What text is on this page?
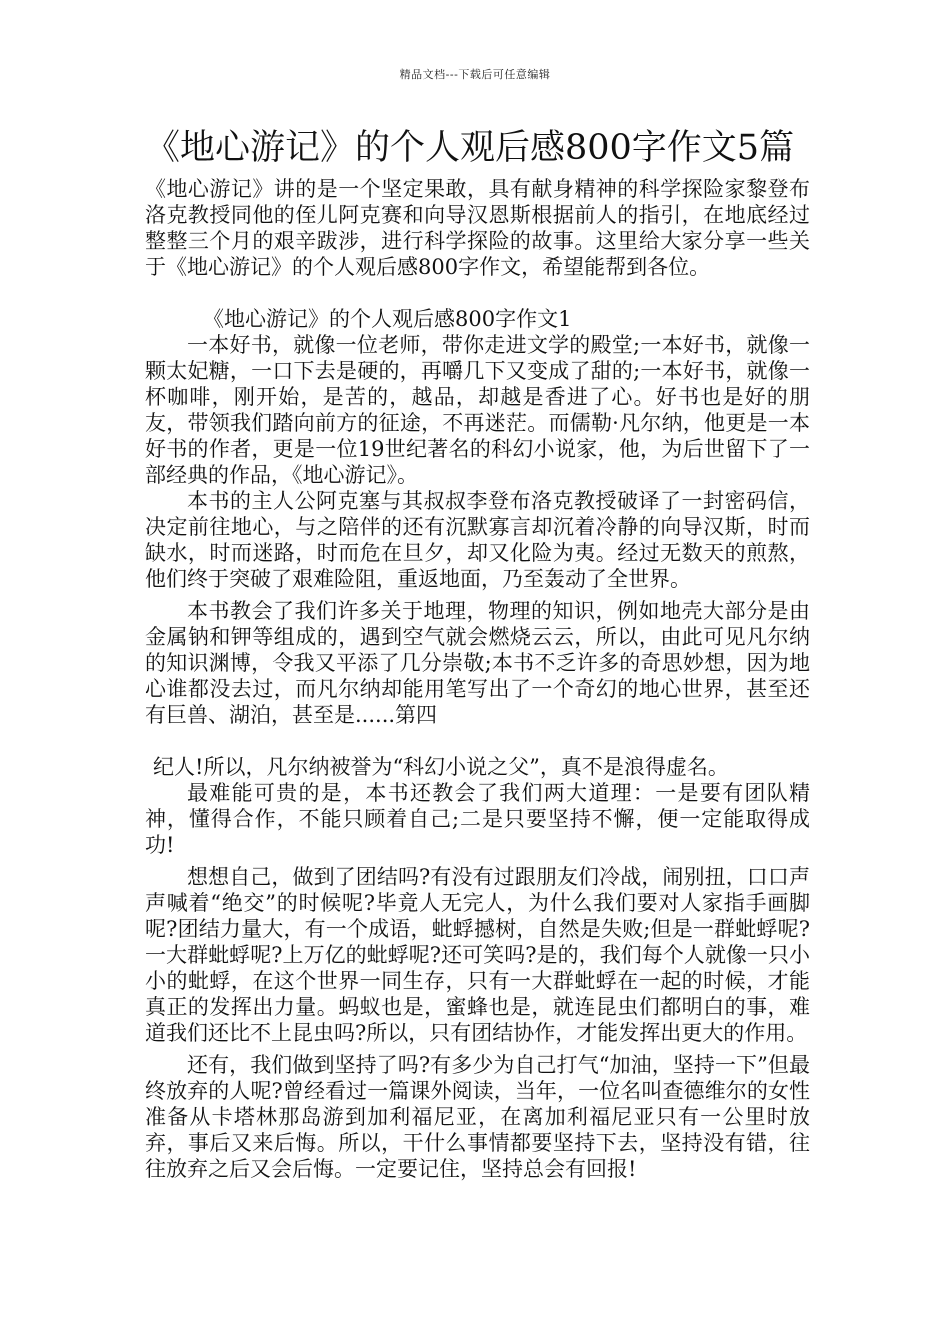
精品文档---下载后可任意编辑
《地心游记》的个人观后感800字作文5篇

《地心游记》讲的是一个坚定果敢，具有献身精神的科学探险家黎登布洛克教授同他的侄儿阿克赛和向导汉恩斯根据前人的指引，在地底经过整整三个月的艰辛跋涉，进行科学探险的故事。这里给大家分享一些关于《地心游记》的个人观后感800字作文，希望能帮到各位。

《地心游记》的个人观后感800字作文1

一本好书，就像一位老师，带你走进文学的殿堂;一本好书，就像一颗太妃糖，一口下去是硬的，再嚼几下又变成了甜的;一本好书，就像一杯咖啡，刚开始，是苦的，越品，却越是香进了心。好书也是好的朋友，带领我们踏向前方的征途，不再迷茫。而儒勒·凡尔纳，他更是一本好书的作者，更是一位19世纪著名的科幻小说家，他，为后世留下了一部经典的作品，《地心游记》。

本书的主人公阿克塞与其叔叔李登布洛克教授破译了一封密码信，决定前往地心，与之陪伴的还有沉默寡言却沉着冷静的向导汉斯，时而缺水，时而迷路，时而危在旦夕，却又化险为夷。经过无数天的煎熬，他们终于突破了艰难险阻，重返地面，乃至轰动了全世界。

本书教会了我们许多关于地理，物理的知识，例如地壳大部分是由金属钠和钾等组成的，遇到空气就会燃烧云云，所以，由此可见凡尔纳的知识渊博，令我又平添了几分崇敬;本书不乏许多的奇思妙想，因为地心谁都没去过，而凡尔纳却能用笔写出了一个奇幻的地心世界，甚至还有巨兽、湖泊，甚至是......第四

纪人!所以，凡尔纳被誉为“科幻小说之父”，真不是浪得虚名。

最难能可贵的是，本书还教会了我们两大道理：一是要有团队精神，懂得合作，不能只顾着自己;二是只要坚持不懈，便一定能取得成功!

想想自己，做到了团结吗?有没有过跟朋友们冷战，闹别扭，口口声声喊着“绝交”的时候呢?毕竟人无完人，为什么我们要对人家指手画脚呢?团结力量大，有一个成语，蚍蜉撼树，自然是失败;但是一群蚍蜉呢?一大群蚍蜉呢?上万亿的蚍蜉呢?还可笑吗?是的，我们每个人就像一只小小的蚍蜉，在这个世界一同生存，只有一大群蚍蜉在一起的时候，才能真正的发挥出力量。蚂蚁也是，蜜蜂也是，就连昆虫们都明白的事，难道我们还比不上昆虫吗?所以，只有团结协作，才能发挥出更大的作用。

还有，我们做到坚持了吗?有多少为自己打气“加油，坚持一下”但最终放弃的人呢?曾经看过一篇课外阅读，当年，一位名叫查德维尔的女性准备从卡塔林那岛游到加利福尼亚，在离加利福尼亚只有一公里时放弃，事后又来后悔。所以，干什么事情都要坚持下去，坚持没有错，往往放弃之后又会后悔。一定要记住，坚持总会有回报!
